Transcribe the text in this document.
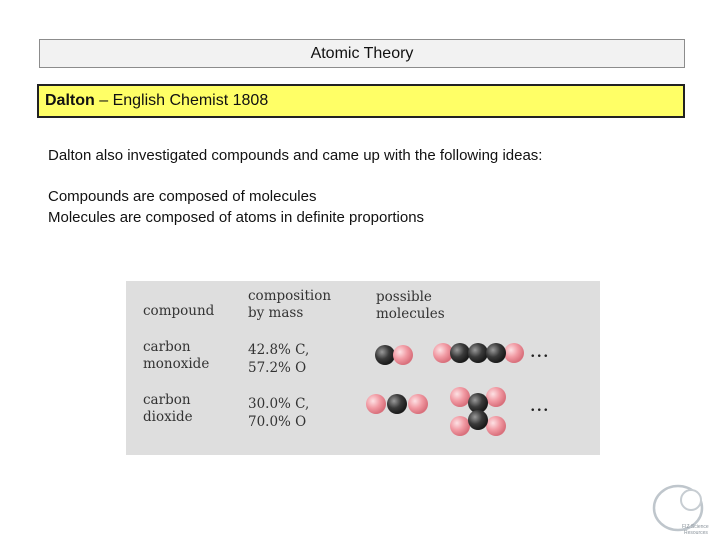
Atomic Theory
Dalton – English Chemist 1808
Dalton also investigated compounds and came up with the following ideas:
Compounds are composed of molecules
Molecules are composed of atoms in definite proportions
compound
composition
by mass
possible
molecules
carbon
monoxide
42.8% C,
57.2% O
carbon
dioxide
30.0% C,
70.0% O
...
...
FIZ Science
Resources
